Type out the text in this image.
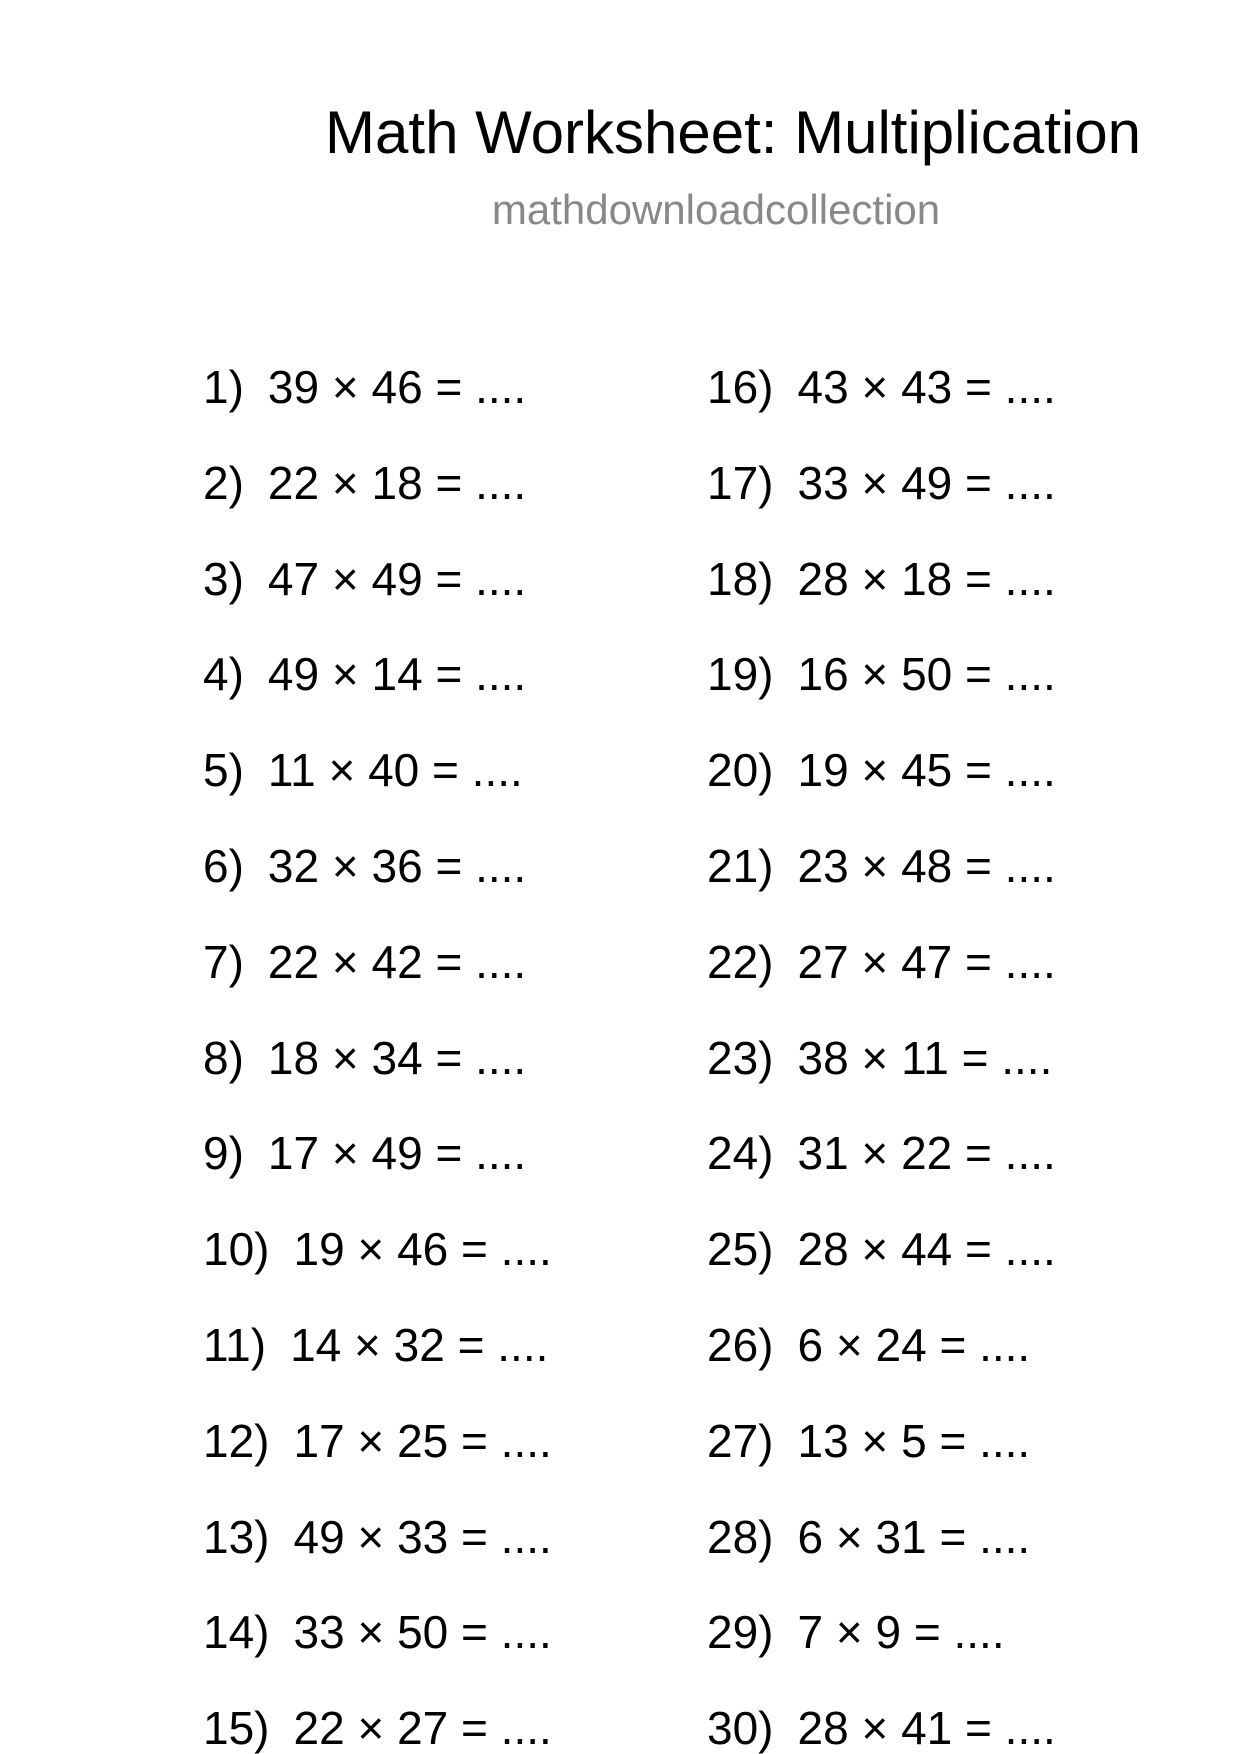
Math Worksheet: Multiplication
mathdownloadcollection
1) 39 × 46 = ....
2) 22 × 18 = ....
3) 47 × 49 = ....
4) 49 × 14 = ....
5) 11 × 40 = ....
6) 32 × 36 = ....
7) 22 × 42 = ....
8) 18 × 34 = ....
9) 17 × 49 = ....
10) 19 × 46 = ....
11) 14 × 32 = ....
12) 17 × 25 = ....
13) 49 × 33 = ....
14) 33 × 50 = ....
15) 22 × 27 = ....
16) 43 × 43 = ....
17) 33 × 49 = ....
18) 28 × 18 = ....
19) 16 × 50 = ....
20) 19 × 45 = ....
21) 23 × 48 = ....
22) 27 × 47 = ....
23) 38 × 11 = ....
24) 31 × 22 = ....
25) 28 × 44 = ....
26) 6 × 24 = ....
27) 13 × 5 = ....
28) 6 × 31 = ....
29) 7 × 9 = ....
30) 28 × 41 = ....
